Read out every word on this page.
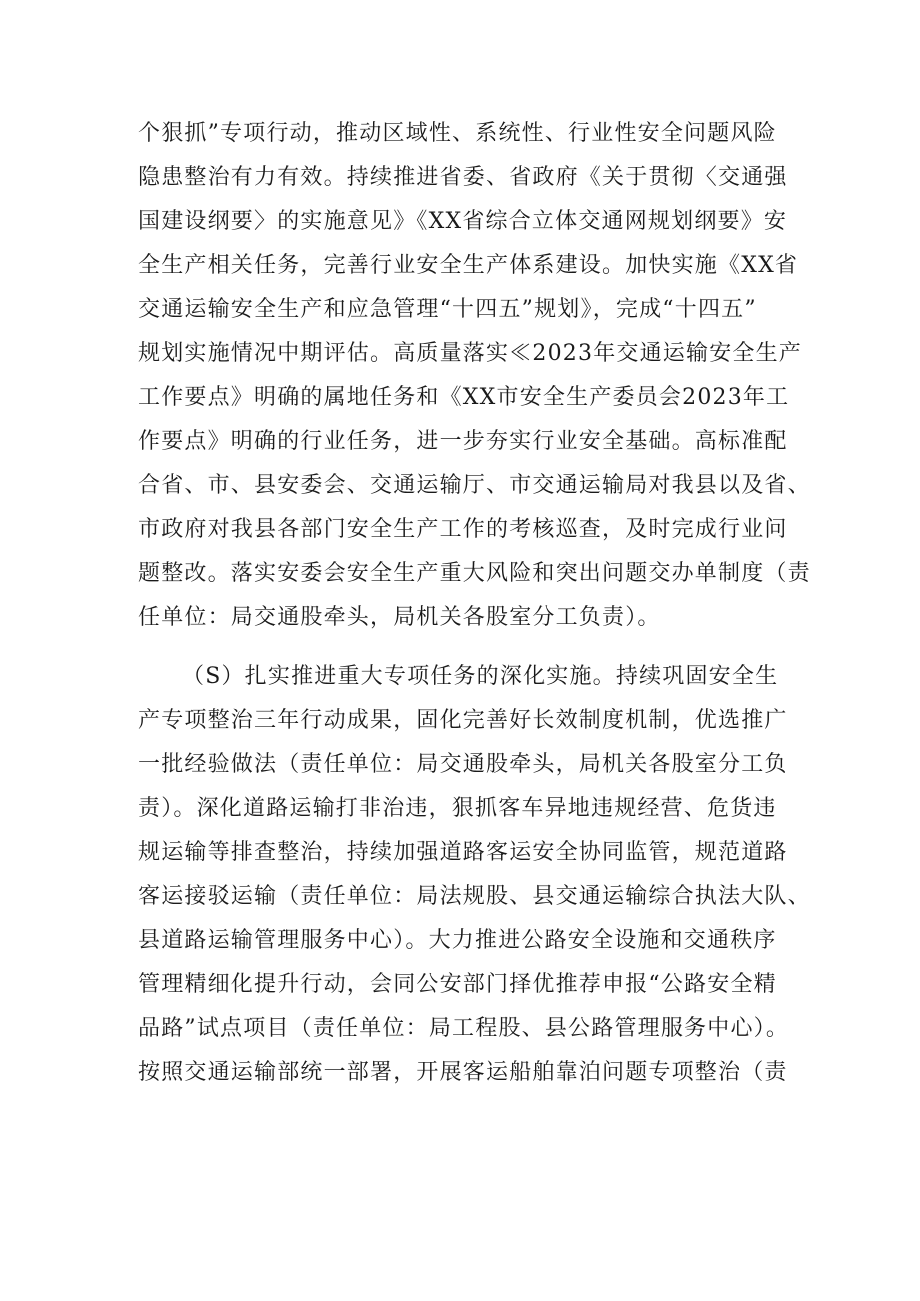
个狠抓”专项行动，推动区域性、系统性、行业性安全问题风险
隐患整治有力有效。持续推进省委、省政府《关于贯彻〈交通强
国建设纲要〉的实施意见》《XX省综合立体交通网规划纲要》安
全生产相关任务，完善行业安全生产体系建设。加快实施《XX省
交通运输安全生产和应急管理“十四五”规划》，完成“十四五”
规划实施情况中期评估。高质量落实≪2023年交通运输安全生产
工作要点》明确的属地任务和《XX市安全生产委员会2023年工
作要点》明确的行业任务，进一步夯实行业安全基础。高标准配
合省、市、县安委会、交通运输厅、市交通运输局对我县以及省、
市政府对我县各部门安全生产工作的考核巡查，及时完成行业问
题整改。落实安委会安全生产重大风险和突出问题交办单制度（责
任单位：局交通股牵头，局机关各股室分工负责）。
（S）扎实推进重大专项任务的深化实施。持续巩固安全生
产专项整治三年行动成果，固化完善好长效制度机制，优选推广
一批经验做法（责任单位：局交通股牵头，局机关各股室分工负
责）。深化道路运输打非治违，狠抓客车异地违规经营、危货违
规运输等排查整治，持续加强道路客运安全协同监管，规范道路
客运接驳运输（责任单位：局法规股、县交通运输综合执法大队、
县道路运输管理服务中心）。大力推进公路安全设施和交通秩序
管理精细化提升行动，会同公安部门择优推荐申报“公路安全精
品路”试点项目（责任单位：局工程股、县公路管理服务中心）。
按照交通运输部统一部署，开展客运船舶靠泊问题专项整治（责
